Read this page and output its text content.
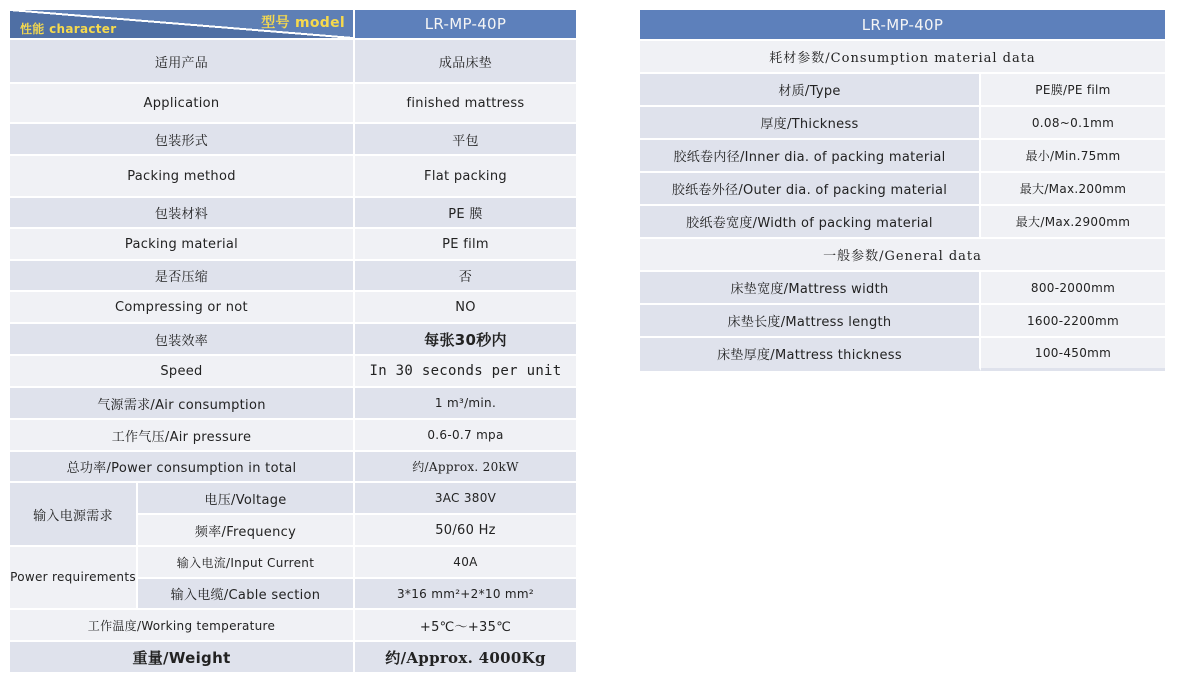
型号 model
性能 character		LR-MP-40P
适用产品		成品床垫
Application		finished mattress
包装形式		平包
Packing method		Flat packing
包装材料		PE 膜
Packing material		PE film
是否压缩		否
Compressing or not		NO
包装效率		每张30秒内
Speed		In 30 seconds per unit
气源需求/Air consumption		1 m³/min.
工作气压/Air pressure		0.6-0.7 mpa
总功率/Power consumption in total		约/Approx. 20kW
输入电源需求	电压/Voltage	3AC 380V
	频率/Frequency	50/60 Hz
Power requirements	输入电流/Input Current	40A
	输入电缆/Cable section	3*16 mm²+2*10 mm²
工作温度/Working temperature		+5℃～+35℃
重量/Weight		约/Approx. 4000Kg
LR-MP-40P	
耗材参数/Consumption material data	
材质/Type	PE膜/PE film
厚度/Thickness	0.08~0.1mm
胶纸卷内径/Inner dia. of packing material	最小/Min.75mm
胶纸卷外径/Outer dia. of packing material	最大/Max.200mm
胶纸卷宽度/Width of packing material	最大/Max.2900mm
一般参数/General data	
床垫宽度/Mattress width	800-2000mm
床垫长度/Mattress length	1600-2200mm
床垫厚度/Mattress thickness	100-450mm
